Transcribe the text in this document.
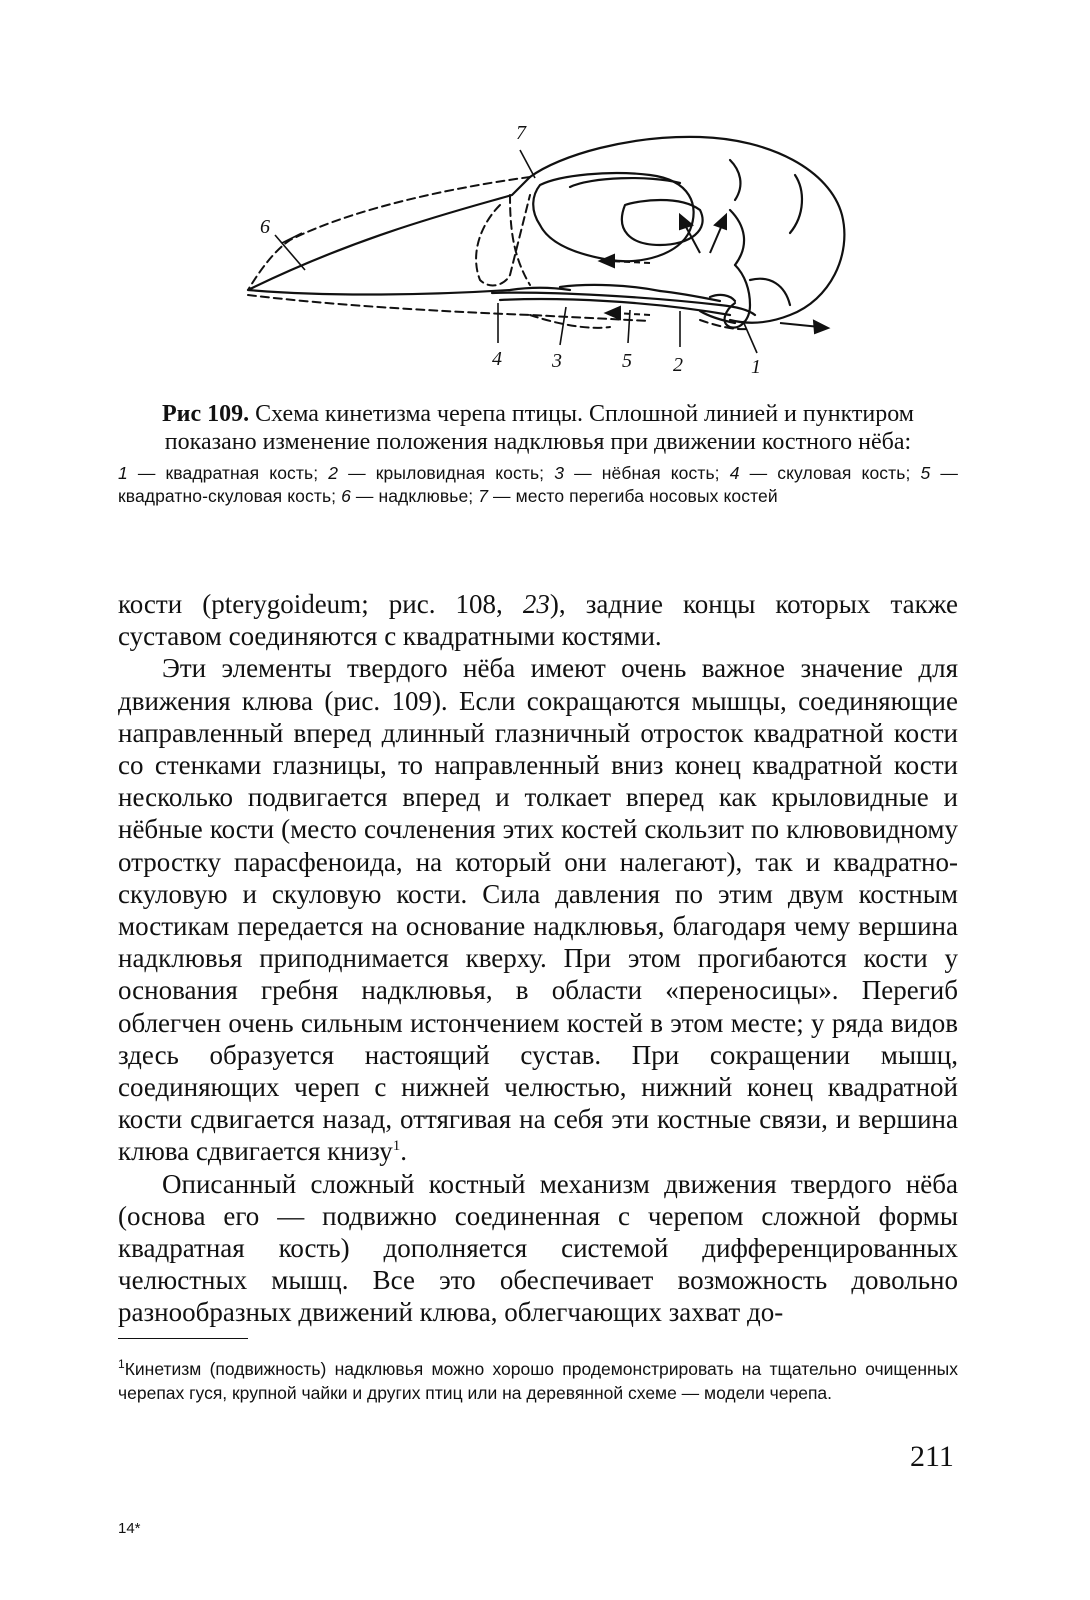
7
6
4	3	5 2	1

Рис 109. Схема кинетизма черепа птицы. Сплошной линией и пунктиром показано изменение положения надклювья при движении костного нёба:

1 — квадратная кость; 2 — крыловидная кость; 3 — нёбная кость; 4 — скуловая кость; 5 — квадратно-скуловая кость; 6 — надклювье; 7 — место перегиба носовых костей

кости (pterygoideum; рис. 108, 23), задние концы которых также суставом соединяются с квадратными костями.

Эти элементы твердого нёба имеют очень важное значение для движения клюва (рис. 109). Если сокращаются мышцы, соединяющие направленный вперед длинный глазничный отросток квадратной кости со стенками глазницы, то направленный вниз конец квадратной кости несколько подвигается вперед и толкает вперед как крыловидные и нёбные кости (место сочленения этих костей скользит по клювовидному отростку парасфеноида, на который они налегают), так и квадратно-скуловую и скуловую кости. Сила давления по этим двум костным мостикам передается на основание надклювья, благодаря чему вершина надклювья приподнимается кверху. При этом прогибаются кости у основания гребня надклювья, в области «переносицы». Перегиб облегчен очень сильным истончением костей в этом месте; у ряда видов здесь образуется настоящий сустав. При сокращении мышц, соединяющих череп с нижней челюстью, нижний конец квадратной кости сдвигается назад, оттягивая на себя эти костные связи, и вершина клюва сдвигается книзу$^1$.

Описанный сложный костный механизм движения твердого нёба (основа его — подвижно соединенная с черепом сложной формы квадратная кость) дополняется системой дифференцированных челюстных мышц. Все это обеспечивает возможность довольно разнообразных движений клюва, облегчающих захват до-

$^1$Кинетизм (подвижность) надклювья можно хорошо продемонстрировать на тщательно очищенных черепах гуся, крупной чайки и других птиц или на деревянной схеме — модели черепа.
211
14*
